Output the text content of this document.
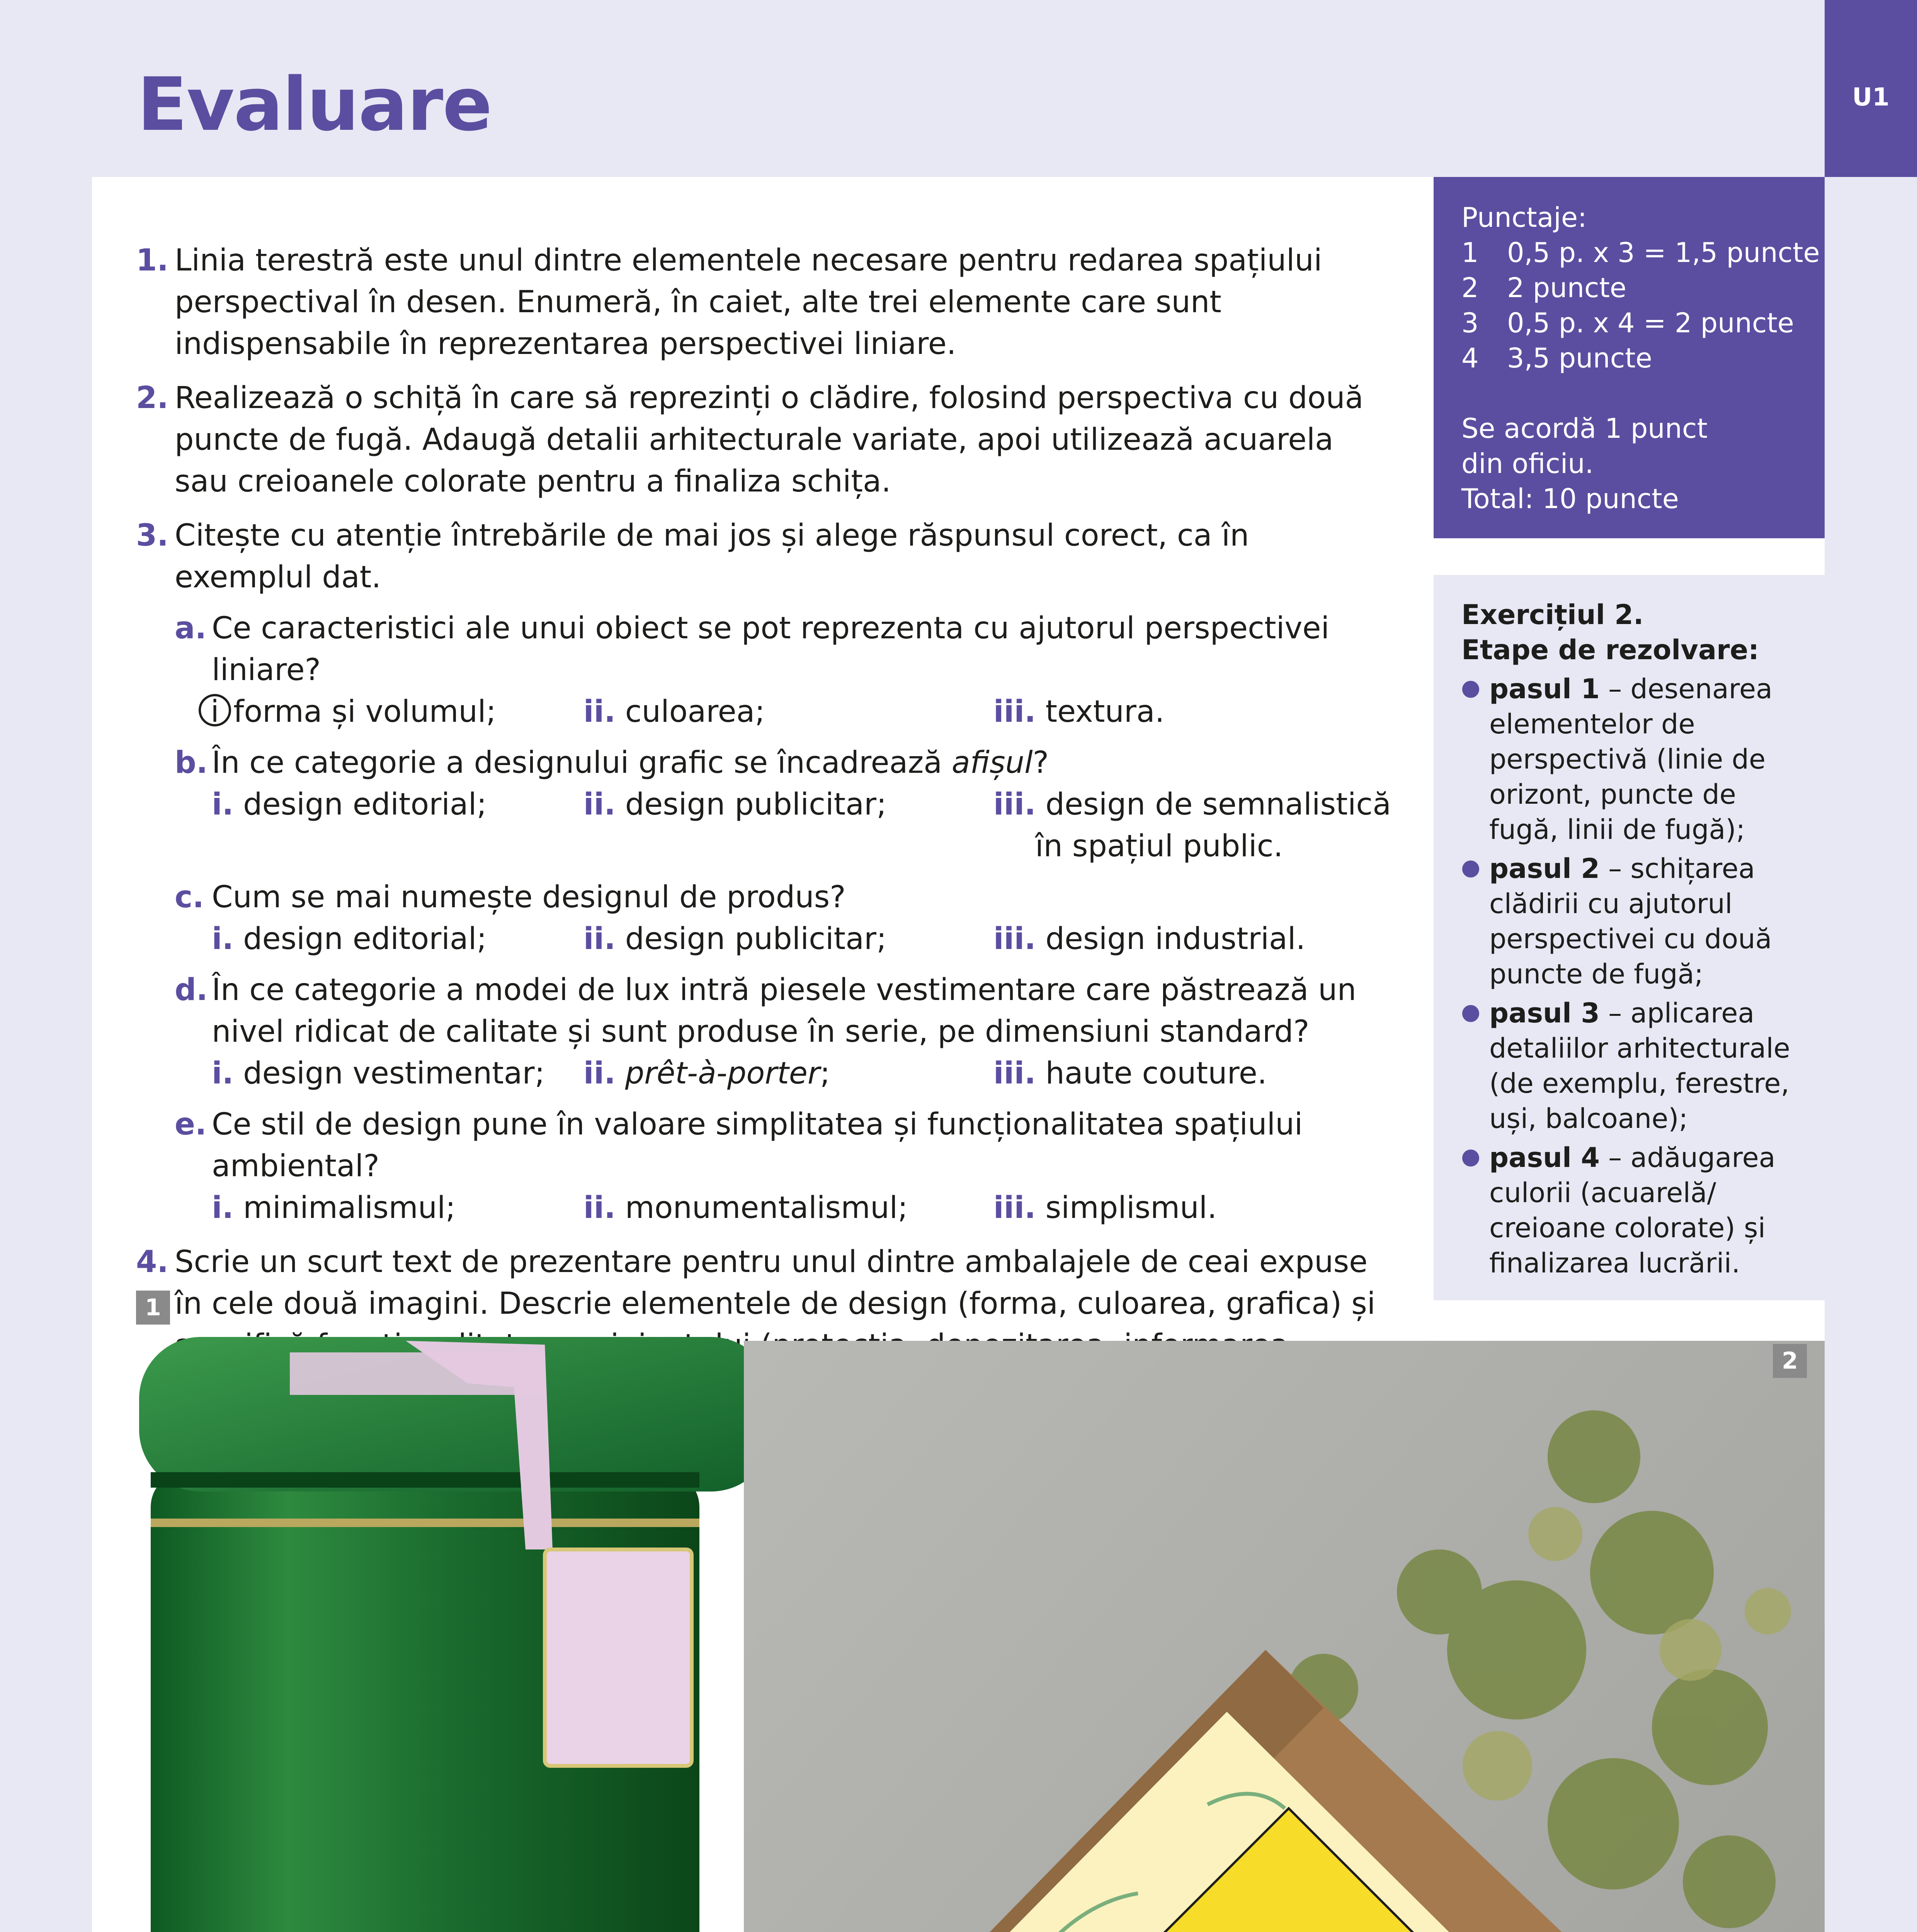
Evaluare	U1
1. Linia terestră este unul dintre elementele necesare pentru redarea spațiului perspectival în desen. Enumeră, în caiet, alte trei elemente care sunt indispensabile în reprezentarea perspectivei liniare.
2. Realizează o schiță în care să reprezinți o clădire, folosind perspectiva cu două puncte de fugă. Adaugă detalii arhitecturale variate, apoi utilizează acuarela sau creioanele colorate pentru a finaliza schița.
3. Citește cu atenție întrebările de mai jos și alege răspunsul corect, ca în exemplul dat.
a. Ce caracteristici ale unui obiect se pot reprezenta cu ajutorul perspectivei liniare?
i forma și volumul;	ii. culoarea;	iii. textura.
b. În ce categorie a designului grafic se încadrează afișul?
i. design editorial;	ii. design publicitar;	iii. design de semnalistică
în spațiul public.
c. Cum se mai numește designul de produs?
i. design editorial;	ii. design publicitar;	iii. design industrial.
d. În ce categorie a modei de lux intră piesele vestimentare care păstrează un nivel ridicat de calitate și sunt produse în serie, pe dimensiuni standard?
i. design vestimentar;	ii. prêt-à-porter;	iii. haute couture.
e. Ce stil de design pune în valoare simplitatea și funcționalitatea spațiului ambiental?
i. minimalismul;	ii. monumentalismul;	iii. simplismul.
4. Scrie un scurt text de prezentare pentru unul dintre ambalajele de ceai expuse în cele două imagini. Descrie elementele de design (forma, culoarea, grafica) și
Punctaje:
1	0,5 p. x 3 = 1,5 puncte
2	2 puncte
3	0,5 p. x 4 = 2 puncte
4	3,5 puncte
Se acordă 1 punct
din oficiu.
Total: 10 puncte
Exercițiul 2.
Etape de rezolvare:
pasul 1 – desenarea elementelor de perspectivă (linie de orizont, puncte de fugă, linii de fugă);
pasul 2 – schițarea clădirii cu ajutorul perspectivei cu două puncte de fugă;
pasul 3 – aplicarea detaliilor arhitecturale (de exemplu, ferestre, uși, balcoane);
pasul 4 – adăugarea culorii (acuarelă/ creioane colorate) și finalizarea lucrării.
1
2
